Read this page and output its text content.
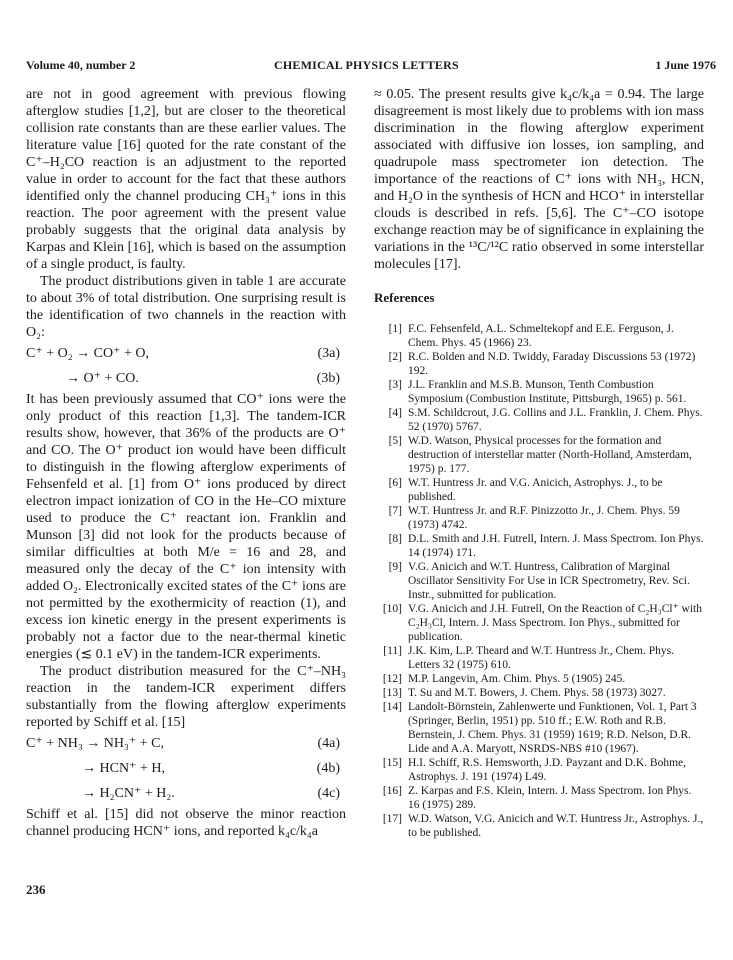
Volume 40, number 2	CHEMICAL PHYSICS LETTERS	1 June 1976

are not in good agreement with previous flowing afterglow studies [1,2], but are closer to the theoretical collision rate constants than are these earlier values. The literature value [16] quoted for the rate constant of the C⁺–H₂CO reaction is an adjustment to the reported value in order to account for the fact that these authors identified only the channel producing CH₃⁺ ions in this reaction. The poor agreement with the present value probably suggests that the original data analysis by Karpas and Klein [16], which is based on the assumption of a single product, is faulty.

The product distributions given in table 1 are accurate to about 3% of total distribution. One surprising result is the identification of two channels in the reaction with O₂:

C⁺ + O₂ → CO⁺ + O,	(3a)
→ O⁺ + CO.	(3b)

It has been previously assumed that CO⁺ ions were the only product of this reaction [1,3]. The tandem-ICR results show, however, that 36% of the products are O⁺ and CO. The O⁺ product ion would have been difficult to distinguish in the flowing afterglow experiments of Fehsenfeld et al. [1] from O⁺ ions produced by direct electron impact ionization of CO in the He–CO mixture used to produce the C⁺ reactant ion. Franklin and Munson [3] did not look for the products because of similar difficulties at both M/e = 16 and 28, and measured only the decay of the C⁺ ion intensity with added O₂. Electronically excited states of the C⁺ ions are not permitted by the exothermicity of reaction (1), and excess ion kinetic energy in the present experiments is probably not a factor due to the near-thermal kinetic energies (≲ 0.1 eV) in the tandem-ICR experiments.

The product distribution measured for the C⁺–NH₃ reaction in the tandem-ICR experiment differs substantially from the flowing afterglow experiments reported by Schiff et al. [15]

C⁺ + NH₃ → NH₃⁺ + C,	(4a)
→ HCN⁺ + H,	(4b)
→ H₂CN⁺ + H₂.	(4c)

Schiff et al. [15] did not observe the minor reaction channel producing HCN⁺ ions, and reported k₄c/k₄a

≈ 0.05. The present results give k₄c/k₄a = 0.94. The large disagreement is most likely due to problems with ion mass discrimination in the flowing afterglow experiment associated with diffusive ion losses, ion sampling, and quadrupole mass spectrometer ion detection. The importance of the reactions of C⁺ ions with NH₃, HCN, and H₂O in the synthesis of HCN and HCO⁺ in interstellar clouds is described in refs. [5,6]. The C⁺–CO isotope exchange reaction may be of significance in explaining the variations in the ¹³C/¹²C ratio observed in some interstellar molecules [17].

References
[1] F.C. Fehsenfeld, A.L. Schmeltekopf and E.E. Ferguson, J. Chem. Phys. 45 (1966) 23.
[2] R.C. Bolden and N.D. Twiddy, Faraday Discussions 53 (1972) 192.
[3] J.L. Franklin and M.S.B. Munson, Tenth Combustion Symposium (Combustion Institute, Pittsburgh, 1965) p. 561.
[4] S.M. Schildcrout, J.G. Collins and J.L. Franklin, J. Chem. Phys. 52 (1970) 5767.
[5] W.D. Watson, Physical processes for the formation and destruction of interstellar matter (North-Holland, Amsterdam, 1975) p. 177.
[6] W.T. Huntress Jr. and V.G. Anicich, Astrophys. J., to be published.
[7] W.T. Huntress Jr. and R.F. Pinizzotto Jr., J. Chem. Phys. 59 (1973) 4742.
[8] D.L. Smith and J.H. Futrell, Intern. J. Mass Spectrom. Ion Phys. 14 (1974) 171.
[9] V.G. Anicich and W.T. Huntress, Calibration of Marginal Oscillator Sensitivity For Use in ICR Spectrometry, Rev. Sci. Instr., submitted for publication.
[10] V.G. Anicich and J.H. Futrell, On the Reaction of C₂H₃Cl⁺ with C₂H₃Cl, Intern. J. Mass Spectrom. Ion Phys., submitted for publication.
[11] J.K. Kim, L.P. Theard and W.T. Huntress Jr., Chem. Phys. Letters 32 (1975) 610.
[12] M.P. Langevin, Am. Chim. Phys. 5 (1905) 245.
[13] T. Su and M.T. Bowers, J. Chem. Phys. 58 (1973) 3027.
[14] Landolt-Börnstein, Zahlenwerte und Funktionen, Vol. 1, Part 3 (Springer, Berlin, 1951) pp. 510 ff.; E.W. Roth and R.B. Bernstein, J. Chem. Phys. 31 (1959) 1619; R.D. Nelson, D.R. Lide and A.A. Maryott, NSRDS-NBS #10 (1967).
[15] H.I. Schiff, R.S. Hemsworth, J.D. Payzant and D.K. Bohme, Astrophys. J. 191 (1974) L49.
[16] Z. Karpas and F.S. Klein, Intern. J. Mass Spectrom. Ion Phys. 16 (1975) 289.
[17] W.D. Watson, V.G. Anicich and W.T. Huntress Jr., Astrophys. J., to be published.
236
